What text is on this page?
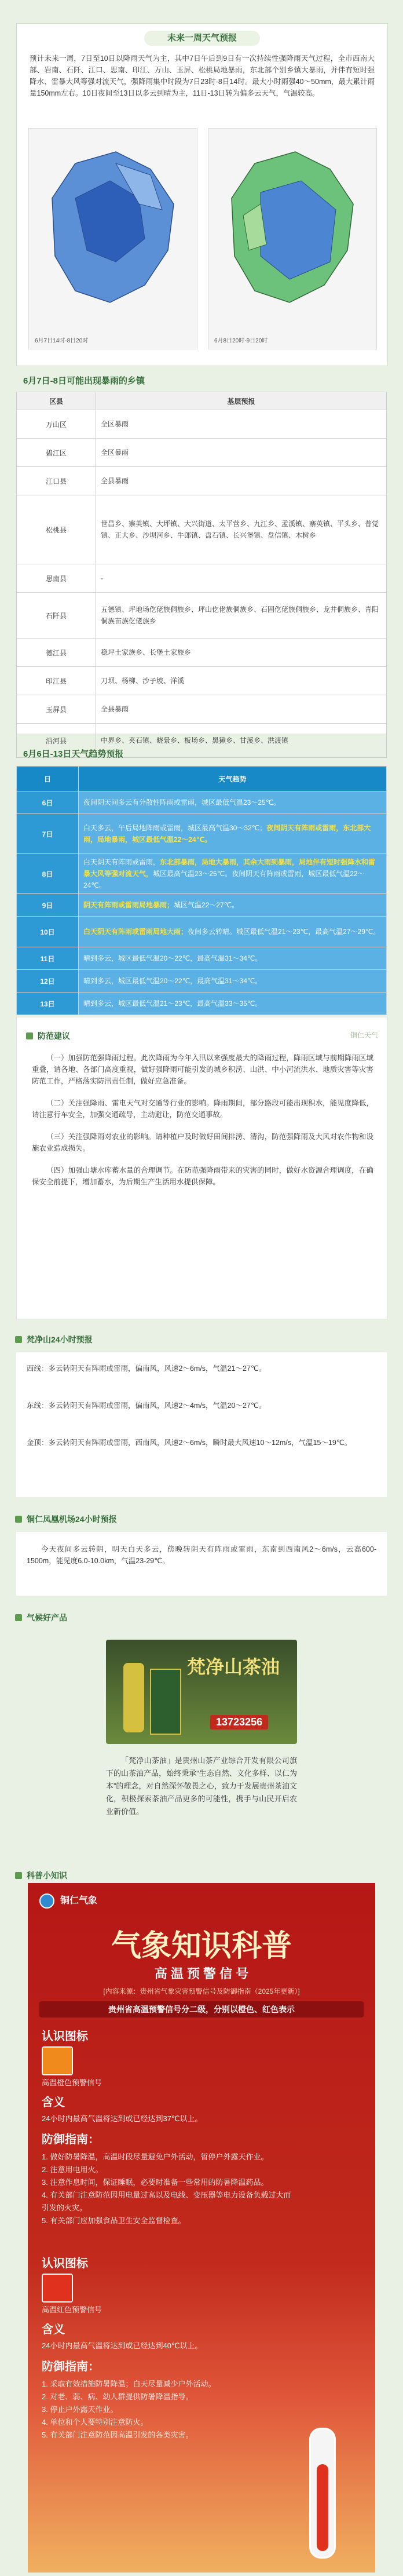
未来一周天气预报
预计未来一周，7日至10日以降雨天气为主，其中7日午后到9日有一次持续性强降雨天气过程，全市西南大部、岩南、石阡、江口、思南、印江、万山、玉屏、松桃局地暴雨，东北部个别乡镇大暴雨，并伴有短时强降水、雷暴大风等强对流天气，强降雨集中时段为7日23时-8日14时。最大小时雨强40～50mm，最大累计雨量150mm左右。10日夜间至13日以多云到晴为主，11日-13日转为偏多云天气，气温较高。
6月7日14时-8日20时	6月8日20时-9日20时
6月7日-8日可能出现暴雨的乡镇
区县	基层预报
万山区	全区暴雨
碧江区	全区暴雨
江口县	全县暴雨
松桃县	世昌乡、寨英镇、大坪镇、大兴街道、太平营乡、九江乡、孟溪镇、寨英镇、平头乡、普觉镇、正大乡、沙坝河乡、牛郎镇、盘石镇、长兴堡镇、盘信镇、木树乡
思南县	-
石阡县	五德镇、坪地场仡佬族侗族乡、坪山仡佬族侗族乡、石固仡佬族侗族乡、龙井侗族乡、青阳侗族苗族仡佬族乡
德江县	稳坪土家族乡、长堡土家族乡
印江县	刀坝、杨柳、沙子坡、洋溪
玉屏县	全县暴雨
沿河县	中界乡、夹石镇、晓景乡、板场乡、黑獭乡、甘溪乡、洪渡镇
6月6日-13日天气趋势预报
日	天气趋势
6日	夜间阴天间多云有分散性阵雨或雷雨，城区最低气温23～25℃。
7日	白天多云，午后局地阵雨或雷雨，城区最高气温30～32℃；夜间阴天有阵雨或雷雨，东北部大雨，局地暴雨，城区最低气温22～24℃。
8日	白天阴天有阵雨或雷雨，东北部暴雨，局地大暴雨，其余大雨到暴雨，局地伴有短时强降水和雷暴大风等强对流天气，城区最高气温23～25℃。夜间阴天有阵雨或雷雨，城区最低气温22～24℃。
9日	阴天有阵雨或雷雨局地暴雨；城区气温22～27℃。
10日	白天阴天有阵雨或雷雨局地大雨；夜间多云转晴。城区最低气温21～23℃，最高气温27～29℃。
11日	晴到多云，城区最低气温20～22℃，最高气温31～34℃。
12日	晴到多云，城区最低气温20～22℃，最高气温31～34℃。
13日	晴到多云，城区最低气温21～23℃，最高气温33～35℃。
防范建议	铜仁天气
（一）加强防范强降雨过程。此次降雨为今年入汛以来强度最大的降雨过程，降雨区域与前期降雨区域重叠，请各地、各部门高度重视，做好强降雨可能引发的城乡积涝、山洪、中小河流洪水、地质灾害等灾害防范工作，严格落实防汛责任制，做好应急准备。
（二）关注强降雨、雷电天气对交通等行业的影响。降雨期间，部分路段可能出现积水，能见度降低，请注意行车安全，加强交通疏导，主动避让，防范交通事故。
（三）关注强降雨对农业的影响。请种植户及时做好田间排涝、清沟，防范强降雨及大风对农作物和设施农业造成损失。
（四）加强山塘水库蓄水量的合理调节。在防范强降雨带来的灾害的同时，做好水资源合理调度，在确保安全前提下，增加蓄水，为后期生产生活用水提供保障。
梵净山24小时预报
西线：多云转阴天有阵雨或雷雨，偏南风，风速2～6m/s，气温21～27℃。
东线：多云转阴天有阵雨或雷雨，偏南风，风速2～4m/s，气温20～27℃。
金顶：多云转阴天有阵雨或雷雨，西南风，风速2～6m/s，瞬时最大风速10～12m/s，气温15～19℃。
铜仁凤凰机场24小时预报
今天夜间多云转阴，明天白天多云，傍晚转阴天有阵雨或雷雨，东南到西南风2～6m/s，云高600-1500m，能见度6.0-10.0km，气温23-29℃。
气候好产品
梵净山茶油
13723256
「梵净山茶油」是贵州山茶产业综合开发有限公司旗下的山茶油产品，始终秉承“生态自然、文化多样、以仁为本”的理念，对自然深怀敬畏之心，致力于发展贵州茶油文化，积极探索茶油产品更多的可能性，携手与山民开启农业新价值。
科普小知识
铜仁气象
气象知识科普
高 温 预 警 信 号
[内容来源：贵州省气象灾害预警信号及防御指南（2025年更新）]
贵州省高温预警信号分二级，分别以橙色、红色表示
认识图标
高温橙色预警信号
含义
24小时内最高气温将达到或已经达到37℃以上。
防御指南：
1. 做好防暑降温，高温时段尽量避免户外活动，暂停户外露天作业。
2. 注意用电用火。
3. 注意作息时间，保证睡眠，必要时准备一些常用的防暑降温药品。
4. 有关部门注意防范因用电量过高以及电线、变压器等电力设备负载过大而引发的火灾。
5. 有关部门应加强食品卫生安全监督检查。
认识图标
高温红色预警信号
含义
24小时内最高气温将达到或已经达到40℃以上。
防御指南：
1. 采取有效措施防暑降温；白天尽量减少户外活动。
2. 对老、弱、病、幼人群提供防暑降温指导。
3. 停止户外露天作业。
4. 单位和个人要特别注意防火。
5. 有关部门注意防范因高温引发的各类灾害。
